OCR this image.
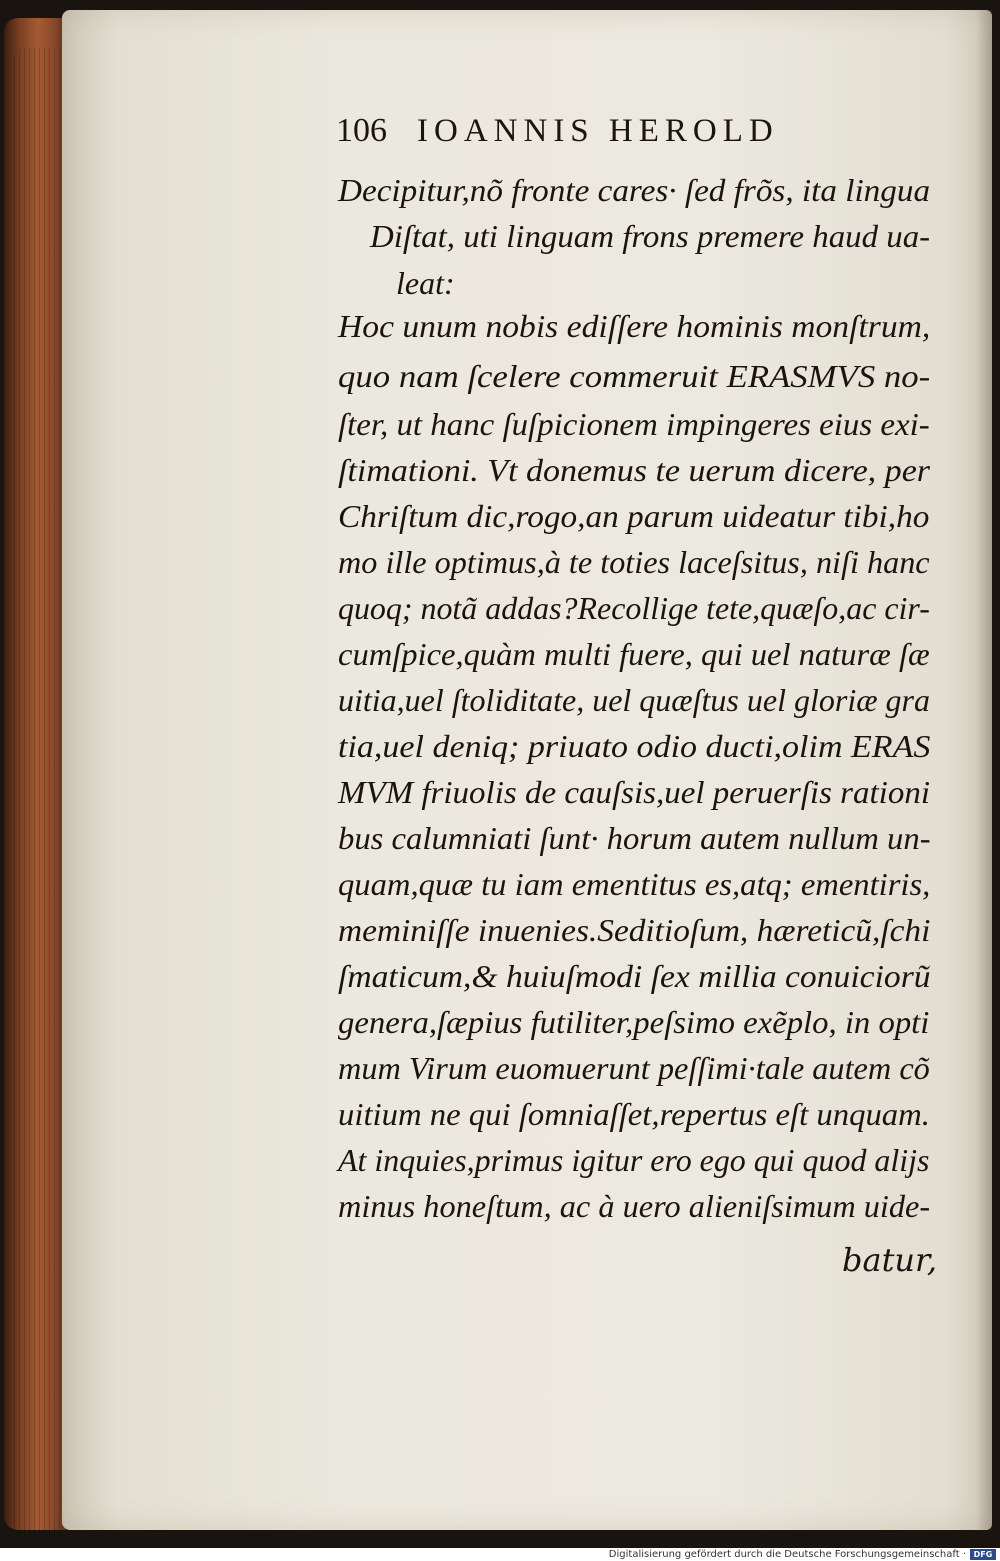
106 IOANNIS HEROLD
Decipitur,nõ fronte cares· ſed frõs, ita lingua
Diſtat, uti linguam frons premere haud ua-
leat:
Hoc unum nobis ediſſere hominis monſtrum,
quo nam ſcelere commeruit ERASMVS no-
ſter, ut hanc ſuſpicionem impingeres eius exi-
ſtimationi. Vt donemus te uerum dicere, per
Chriſtum dic,rogo,an parum uideatur tibi,ho
mo ille optimus,à te toties laceſsitus, niſi hanc
quoq; notã addas?Recollige tete,quæſo,ac cir-
cumſpice,quàm multi fuere, qui uel naturæ ſæ
uitia,uel ſtoliditate, uel quæſtus uel gloriæ gra
tia,uel deniq; priuato odio ducti,olim ERAS
MVM friuolis de cauſsis,uel peruerſis rationi
bus calumniati ſunt· horum autem nullum un-
quam,quæ tu iam ementitus es,atq; ementiris,
meminiſſe inuenies.Seditioſum, hæreticũ,ſchi
ſmaticum,& huiuſmodi ſex millia conuiciorũ
genera,ſæpius futiliter,peſsimo exẽplo, in opti
mum Virum euomuerunt peſſimi·tale autem cõ
uitium ne qui ſomniaſſet,repertus eſt unquam.
At inquies,primus igitur ero ego qui quod alijs
minus honeſtum, ac à uero alieniſsimum uide-
batur,
Digitalisierung gefördert durch die Deutsche Forschungsgemeinschaft · DFG
